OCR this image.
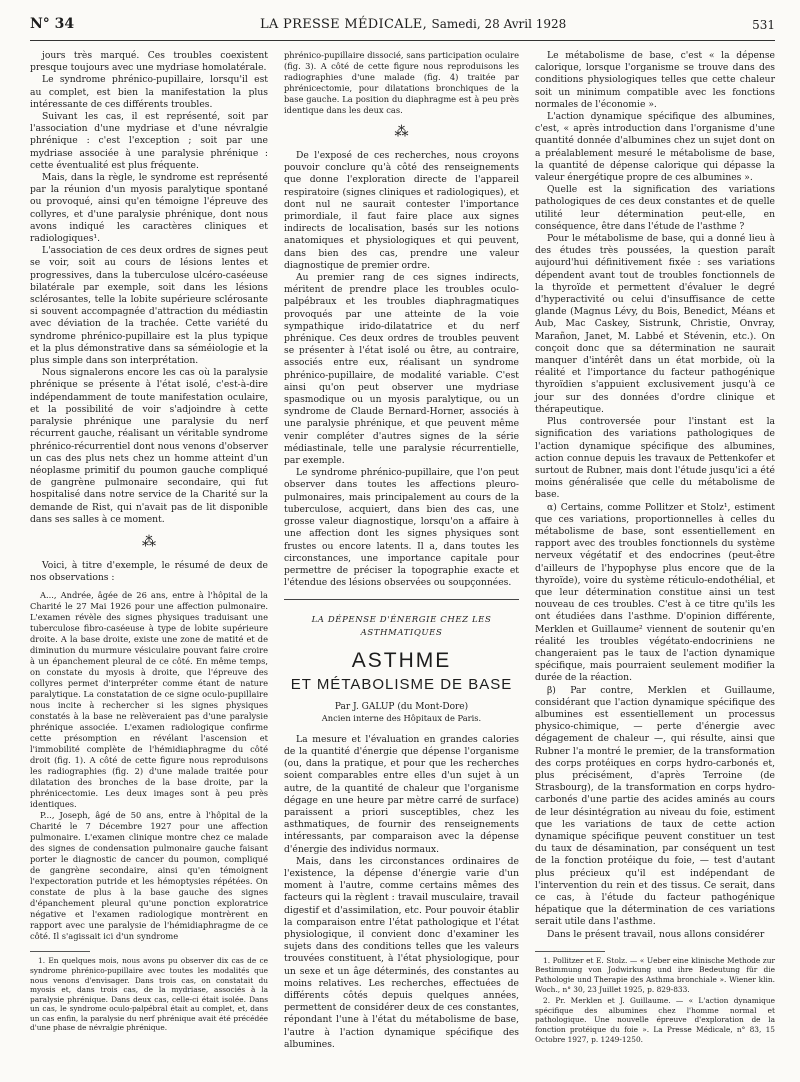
N° 34	LA PRESSE MÉDICALE, Samedi, 28 Avril 1928	531

jours très marqué. Ces troubles coexistent presque toujours avec une mydriase homolatérale.

Le syndrome phrénico-pupillaire, lorsqu'il est au complet, est bien la manifestation la plus intéressante de ces différents troubles.

Suivant les cas, il est représenté, soit par l'association d'une mydriase et d'une névralgie phrénique : c'est l'exception ; soit par une mydriase associée à une paralysie phrénique : cette éventualité est plus fréquente.

Mais, dans la règle, le syndrome est représenté par la réunion d'un myosis paralytique spontané ou provoqué, ainsi qu'en témoigne l'épreuve des collyres, et d'une paralysie phrénique, dont nous avons indiqué les caractères cliniques et radiologiques¹.

L'association de ces deux ordres de signes peut se voir, soit au cours de lésions lentes et progressives, dans la tuberculose ulcéro-caséeuse bilatérale par exemple, soit dans les lésions sclérosantes, telle la lobite supérieure sclérosante si souvent accompagnée d'attraction du médiastin avec déviation de la trachée. Cette variété du syndrome phrénico-pupillaire est la plus typique et la plus démonstrative dans sa séméiologie et la plus simple dans son interprétation.

Nous signalerons encore les cas où la paralysie phrénique se présente à l'état isolé, c'est-à-dire indépendamment de toute manifestation oculaire, et la possibilité de voir s'adjoindre à cette paralysie phrénique une paralysie du nerf récurrent gauche, réalisant un véritable syndrome phrénico-récurrentiel dont nous venons d'observer un cas des plus nets chez un homme atteint d'un néoplasme primitif du poumon gauche compliqué de gangrène pulmonaire secondaire, qui fut hospitalisé dans notre service de la Charité sur la demande de Rist, qui n'avait pas de lit disponible dans ses salles à ce moment.

⁂

Voici, à titre d'exemple, le résumé de deux de nos observations :

A..., Andrée, âgée de 26 ans, entre à l'hôpital de la Charité le 27 Mai 1926 pour une affection pulmonaire. L'examen révèle des signes physiques traduisant une tuberculose fibro-caséeuse à type de lobite supérieure droite. A la base droite, existe une zone de matité et de diminution du murmure vésiculaire pouvant faire croire à un épanchement pleural de ce côté. En même temps, on constate du myosis à droite, que l'épreuve des collyres permet d'interpréter comme étant de nature paralytique. La constatation de ce signe oculo-pupillaire nous incite à rechercher si les signes physiques constatés à la base ne relèveraient pas d'une paralysie phrénique associée. L'examen radiologique confirme cette présomption en révélant l'ascension et l'immobilité complète de l'hémidiaphragme du côté droit (fig. 1). A côté de cette figure nous reproduisons les radiographies (fig. 2) d'une malade traitée pour dilatation des bronches de la base droite, par la phrénicectomie. Les deux images sont à peu près identiques.

P..., Joseph, âgé de 50 ans, entre à l'hôpital de la Charité le 7 Décembre 1927 pour une affection pulmonaire. L'examen clinique montre chez ce malade des signes de condensation pulmonaire gauche faisant porter le diagnostic de cancer du poumon, compliqué de gangrène secondaire, ainsi qu'en témoignent l'expectoration putride et les hémoptysies répétées. On constate de plus à la base gauche des signes d'épanchement pleural qu'une ponction exploratrice négative et l'examen radiologique montrèrent en rapport avec une paralysie de l'hémidiaphragme de ce côté. Il s'agissait ici d'un syndrome

1. En quelques mois, nous avons pu observer dix cas de ce syndrome phrénico-pupillaire avec toutes les modalités que nous venons d'envisager. Dans trois cas, on constatait du myosis et, dans trois cas, de la mydriase, associés à la paralysie phrénique. Dans deux cas, celle-ci était isolée. Dans un cas, le syndrome oculo-palpébral était au complet, et, dans un cas enfin, la paralysie du nerf phrénique avait été précédée d'une phase de névralgie phrénique.

phrénico-pupillaire dissocié, sans participation oculaire (fig. 3). A côté de cette figure nous reproduisons les radiographies d'une malade (fig. 4) traitée par phrénicectomie, pour dilatations bronchiques de la base gauche. La position du diaphragme est à peu près identique dans les deux cas.

⁂

De l'exposé de ces recherches, nous croyons pouvoir conclure qu'à côté des renseignements que donne l'exploration directe de l'appareil respiratoire (signes cliniques et radiologiques), et dont nul ne saurait contester l'importance primordiale, il faut faire place aux signes indirects de localisation, basés sur les notions anatomiques et physiologiques et qui peuvent, dans bien des cas, prendre une valeur diagnostique de premier ordre.

Au premier rang de ces signes indirects, méritent de prendre place les troubles oculo-palpébraux et les troubles diaphragmatiques provoqués par une atteinte de la voie sympathique irido-dilatatrice et du nerf phrénique. Ces deux ordres de troubles peuvent se présenter à l'état isolé ou être, au contraire, associés entre eux, réalisant un syndrome phrénico-pupillaire, de modalité variable. C'est ainsi qu'on peut observer une mydriase spasmodique ou un myosis paralytique, ou un syndrome de Claude Bernard-Horner, associés à une paralysie phrénique, et que peuvent même venir compléter d'autres signes de la série médiastinale, telle une paralysie récurrentielle, par exemple.

Le syndrome phrénico-pupillaire, que l'on peut observer dans toutes les affections pleuro-pulmonaires, mais principalement au cours de la tuberculose, acquiert, dans bien des cas, une grosse valeur diagnostique, lorsqu'on a affaire à une affection dont les signes physiques sont frustes ou encore latents. Il a, dans toutes les circonstances, une importance capitale pour permettre de préciser la topographie exacte et l'étendue des lésions observées ou soupçonnées.

LA DÉPENSE D'ÉNERGIE CHEZ LES ASTHMATIQUES
ASTHME
ET MÉTABOLISME DE BASE
Par J. GALUP (du Mont-Dore)
Ancien interne des Hôpitaux de Paris.

La mesure et l'évaluation en grandes calories de la quantité d'énergie que dépense l'organisme (ou, dans la pratique, et pour que les recherches soient comparables entre elles d'un sujet à un autre, de la quantité de chaleur que l'organisme dégage en une heure par mètre carré de surface) paraissent a priori susceptibles, chez les asthmatiques, de fournir des renseignements intéressants, par comparaison avec la dépense d'énergie des individus normaux.

Mais, dans les circonstances ordinaires de l'existence, la dépense d'énergie varie d'un moment à l'autre, comme certains mêmes des facteurs qui la règlent : travail musculaire, travail digestif et d'assimilation, etc. Pour pouvoir établir la comparaison entre l'état pathologique et l'état physiologique, il convient donc d'examiner les sujets dans des conditions telles que les valeurs trouvées constituent, à l'état physiologique, pour un sexe et un âge déterminés, des constantes au moins relatives. Les recherches, effectuées de différents côtés depuis quelques années, permettent de considérer deux de ces constantes, répondant l'une à l'état du métabolisme de base, l'autre à l'action dynamique spécifique des albumines.

Le métabolisme de base, c'est « la dépense calorique, lorsque l'organisme se trouve dans des conditions physiologiques telles que cette chaleur soit un minimum compatible avec les fonctions normales de l'économie ».

L'action dynamique spécifique des albumines, c'est, « après introduction dans l'organisme d'une quantité donnée d'albumines chez un sujet dont on a préalablement mesuré le métabolisme de base, la quantité de dépense calorique qui dépasse la valeur énergétique propre de ces albumines ».

Quelle est la signification des variations pathologiques de ces deux constantes et de quelle utilité leur détermination peut-elle, en conséquence, être dans l'étude de l'asthme ?

Pour le métabolisme de base, qui a donné lieu à des études très poussées, la question paraît aujourd'hui définitivement fixée : ses variations dépendent avant tout de troubles fonctionnels de la thyroïde et permettent d'évaluer le degré d'hyperactivité ou celui d'insuffisance de cette glande (Magnus Lévy, du Bois, Benedict, Méans et Aub, Mac Caskey, Sistrunk, Christie, Onvray, Marañon, Janet, M. Labbé et Stévenin, etc.). On conçoit donc que sa détermination ne saurait manquer d'intérêt dans un état morbide, où la réalité et l'importance du facteur pathogénique thyroïdien s'appuient exclusivement jusqu'à ce jour sur des données d'ordre clinique et thérapeutique.

Plus controversée pour l'instant est la signification des variations pathologiques de l'action dynamique spécifique des albumines, action connue depuis les travaux de Pettenkofer et surtout de Rubner, mais dont l'étude jusqu'ici a été moins généralisée que celle du métabolisme de base.

α) Certains, comme Pollitzer et Stolz¹, estiment que ces variations, proportionnelles à celles du métabolisme de base, sont essentiellement en rapport avec des troubles fonctionnels du système nerveux végétatif et des endocrines (peut-être d'ailleurs de l'hypophyse plus encore que de la thyroïde), voire du système réticulo-endothélial, et que leur détermination constitue ainsi un test nouveau de ces troubles. C'est à ce titre qu'ils les ont étudiées dans l'asthme. D'opinion différente, Merklen et Guillaume² viennent de soutenir qu'en réalité les troubles végétato-endocriniens ne changeraient pas le taux de l'action dynamique spécifique, mais pourraient seulement modifier la durée de la réaction.

β) Par contre, Merklen et Guillaume, considérant que l'action dynamique spécifique des albumines est essentiellement un processus physico-chimique, — perte d'énergie avec dégagement de chaleur —, qui résulte, ainsi que Rubner l'a montré le premier, de la transformation des corps protéiques en corps hydro-carbonés et, plus précisément, d'après Terroine (de Strasbourg), de la transformation en corps hydro-carbonés d'une partie des acides aminés au cours de leur désintégration au niveau du foie, estiment que les variations de taux de cette action dynamique spécifique peuvent constituer un test du taux de désamination, par conséquent un test de la fonction protéique du foie, — test d'autant plus précieux qu'il est indépendant de l'intervention du rein et des tissus. Ce serait, dans ce cas, à l'étude du facteur pathogénique hépatique que la détermination de ces variations serait utile dans l'asthme.

Dans le présent travail, nous allons considérer

1. Pollitzer et E. Stolz. — « Ueber eine klinische Methode zur Bestimmung von Jodwirkung und ihre Bedeutung für die Pathologie und Therapie des Asthma bronchiale ». Wiener klin. Woch., n° 30, 23 Juillet 1925, p. 829-833.

2. Pr. Merklen et J. Guillaume. — « L'action dynamique spécifique des albumines chez l'homme normal et pathologique. Une nouvelle épreuve d'exploration de la fonction protéique du foie ». La Presse Médicale, n° 83, 15 Octobre 1927, p. 1249-1250.
